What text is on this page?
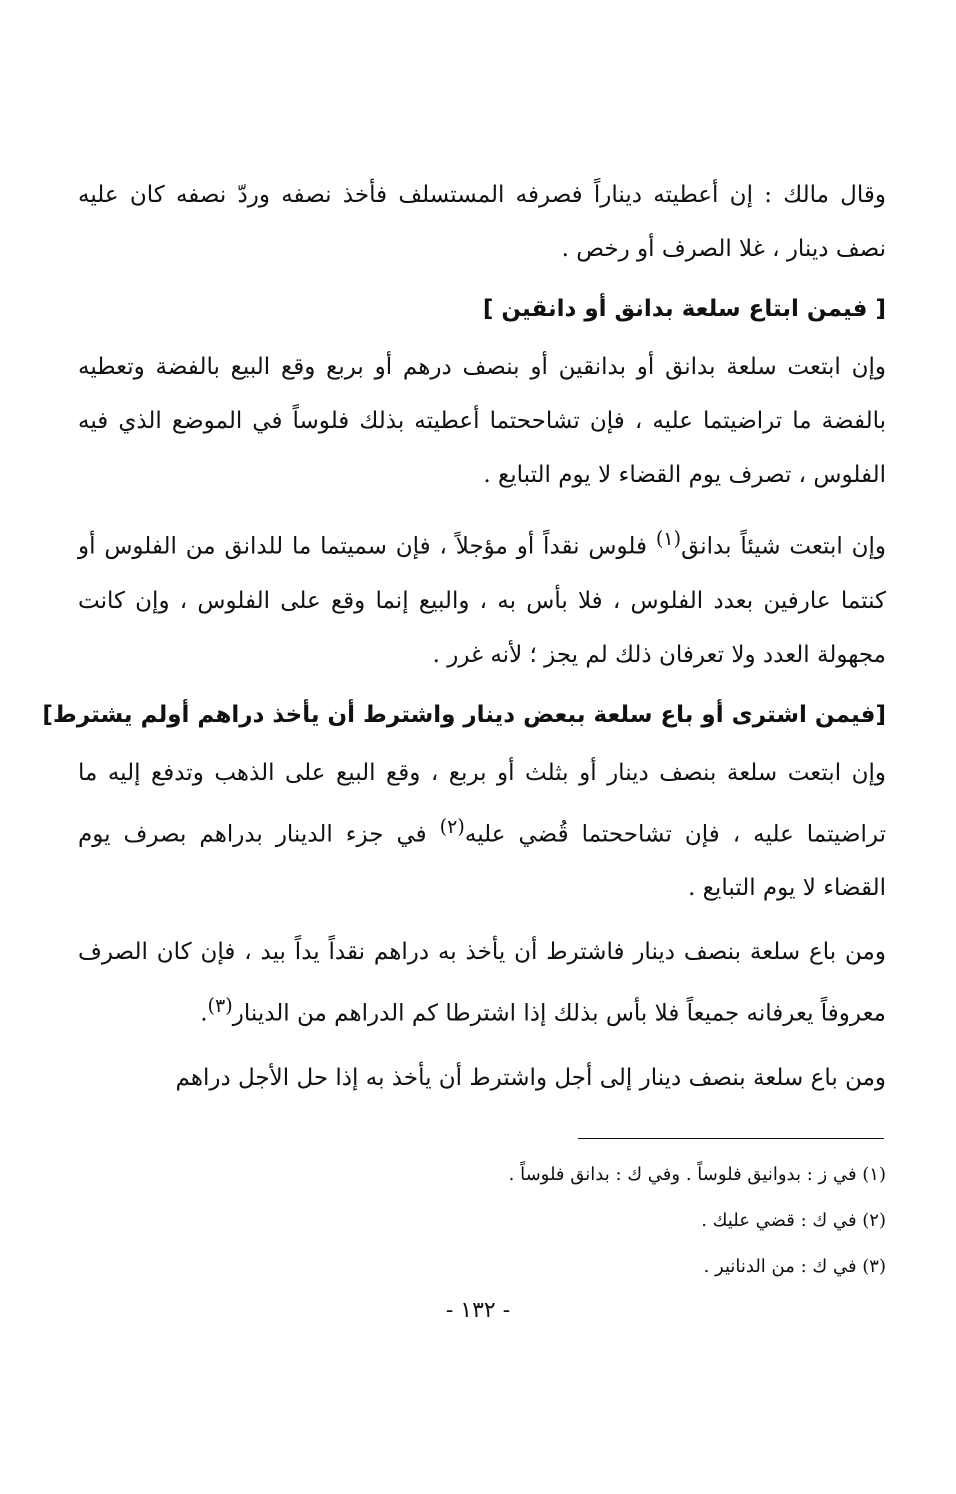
وقال مالك : إن أعطيته ديناراً فصرفه المستسلف فأخذ نصفه وردّ نصفه كان عليه نصف دينار ، غلا الصرف أو رخص .

[ فيمن ابتاع سلعة بدانق أو دانقين ]

وإن ابتعت سلعة بدانق أو بدانقين أو بنصف درهم أو بربع وقع البيع بالفضة وتعطيه بالفضة ما تراضيتما عليه ، فإن تشاححتما أعطيته بذلك فلوساً في الموضع الذي فيه الفلوس ، تصرف يوم القضاء لا يوم التبايع .

وإن ابتعت شيئاً بدانق$^{(١)}$ فلوس نقداً أو مؤجلاً ، فإن سميتما ما للدانق من الفلوس أو كنتما عارفين بعدد الفلوس ، فلا بأس به ، والبيع إنما وقع على الفلوس ، وإن كانت مجهولة العدد ولا تعرفان ذلك لم يجز ؛ لأنه غرر .

[فيمن اشترى أو باع سلعة ببعض دينار واشترط أن يأخذ دراهم أولم يشترط]

وإن ابتعت سلعة بنصف دينار أو بثلث أو بربع ، وقع البيع على الذهب وتدفع إليه ما تراضيتما عليه ، فإن تشاححتما قُضي عليه$^{(٢)}$ في جزء الدينار بدراهم بصرف يوم القضاء لا يوم التبايع .

ومن باع سلعة بنصف دينار فاشترط أن يأخذ به دراهم نقداً يداً بيد ، فإن كان الصرف معروفاً يعرفانه جميعاً فلا بأس بذلك إذا اشترطا كم الدراهم من الدينار$^{(٣)}$.

ومن باع سلعة بنصف دينار إلى أجل واشترط أن يأخذ به إذا حل الأجل دراهم

(١) في ز : بدوانيق فلوساً . وفي ك : بدانق فلوساً .
(٢) في ك : قضي عليك .
(٣) في ك : من الدنانير .
- ١٣٢ -
